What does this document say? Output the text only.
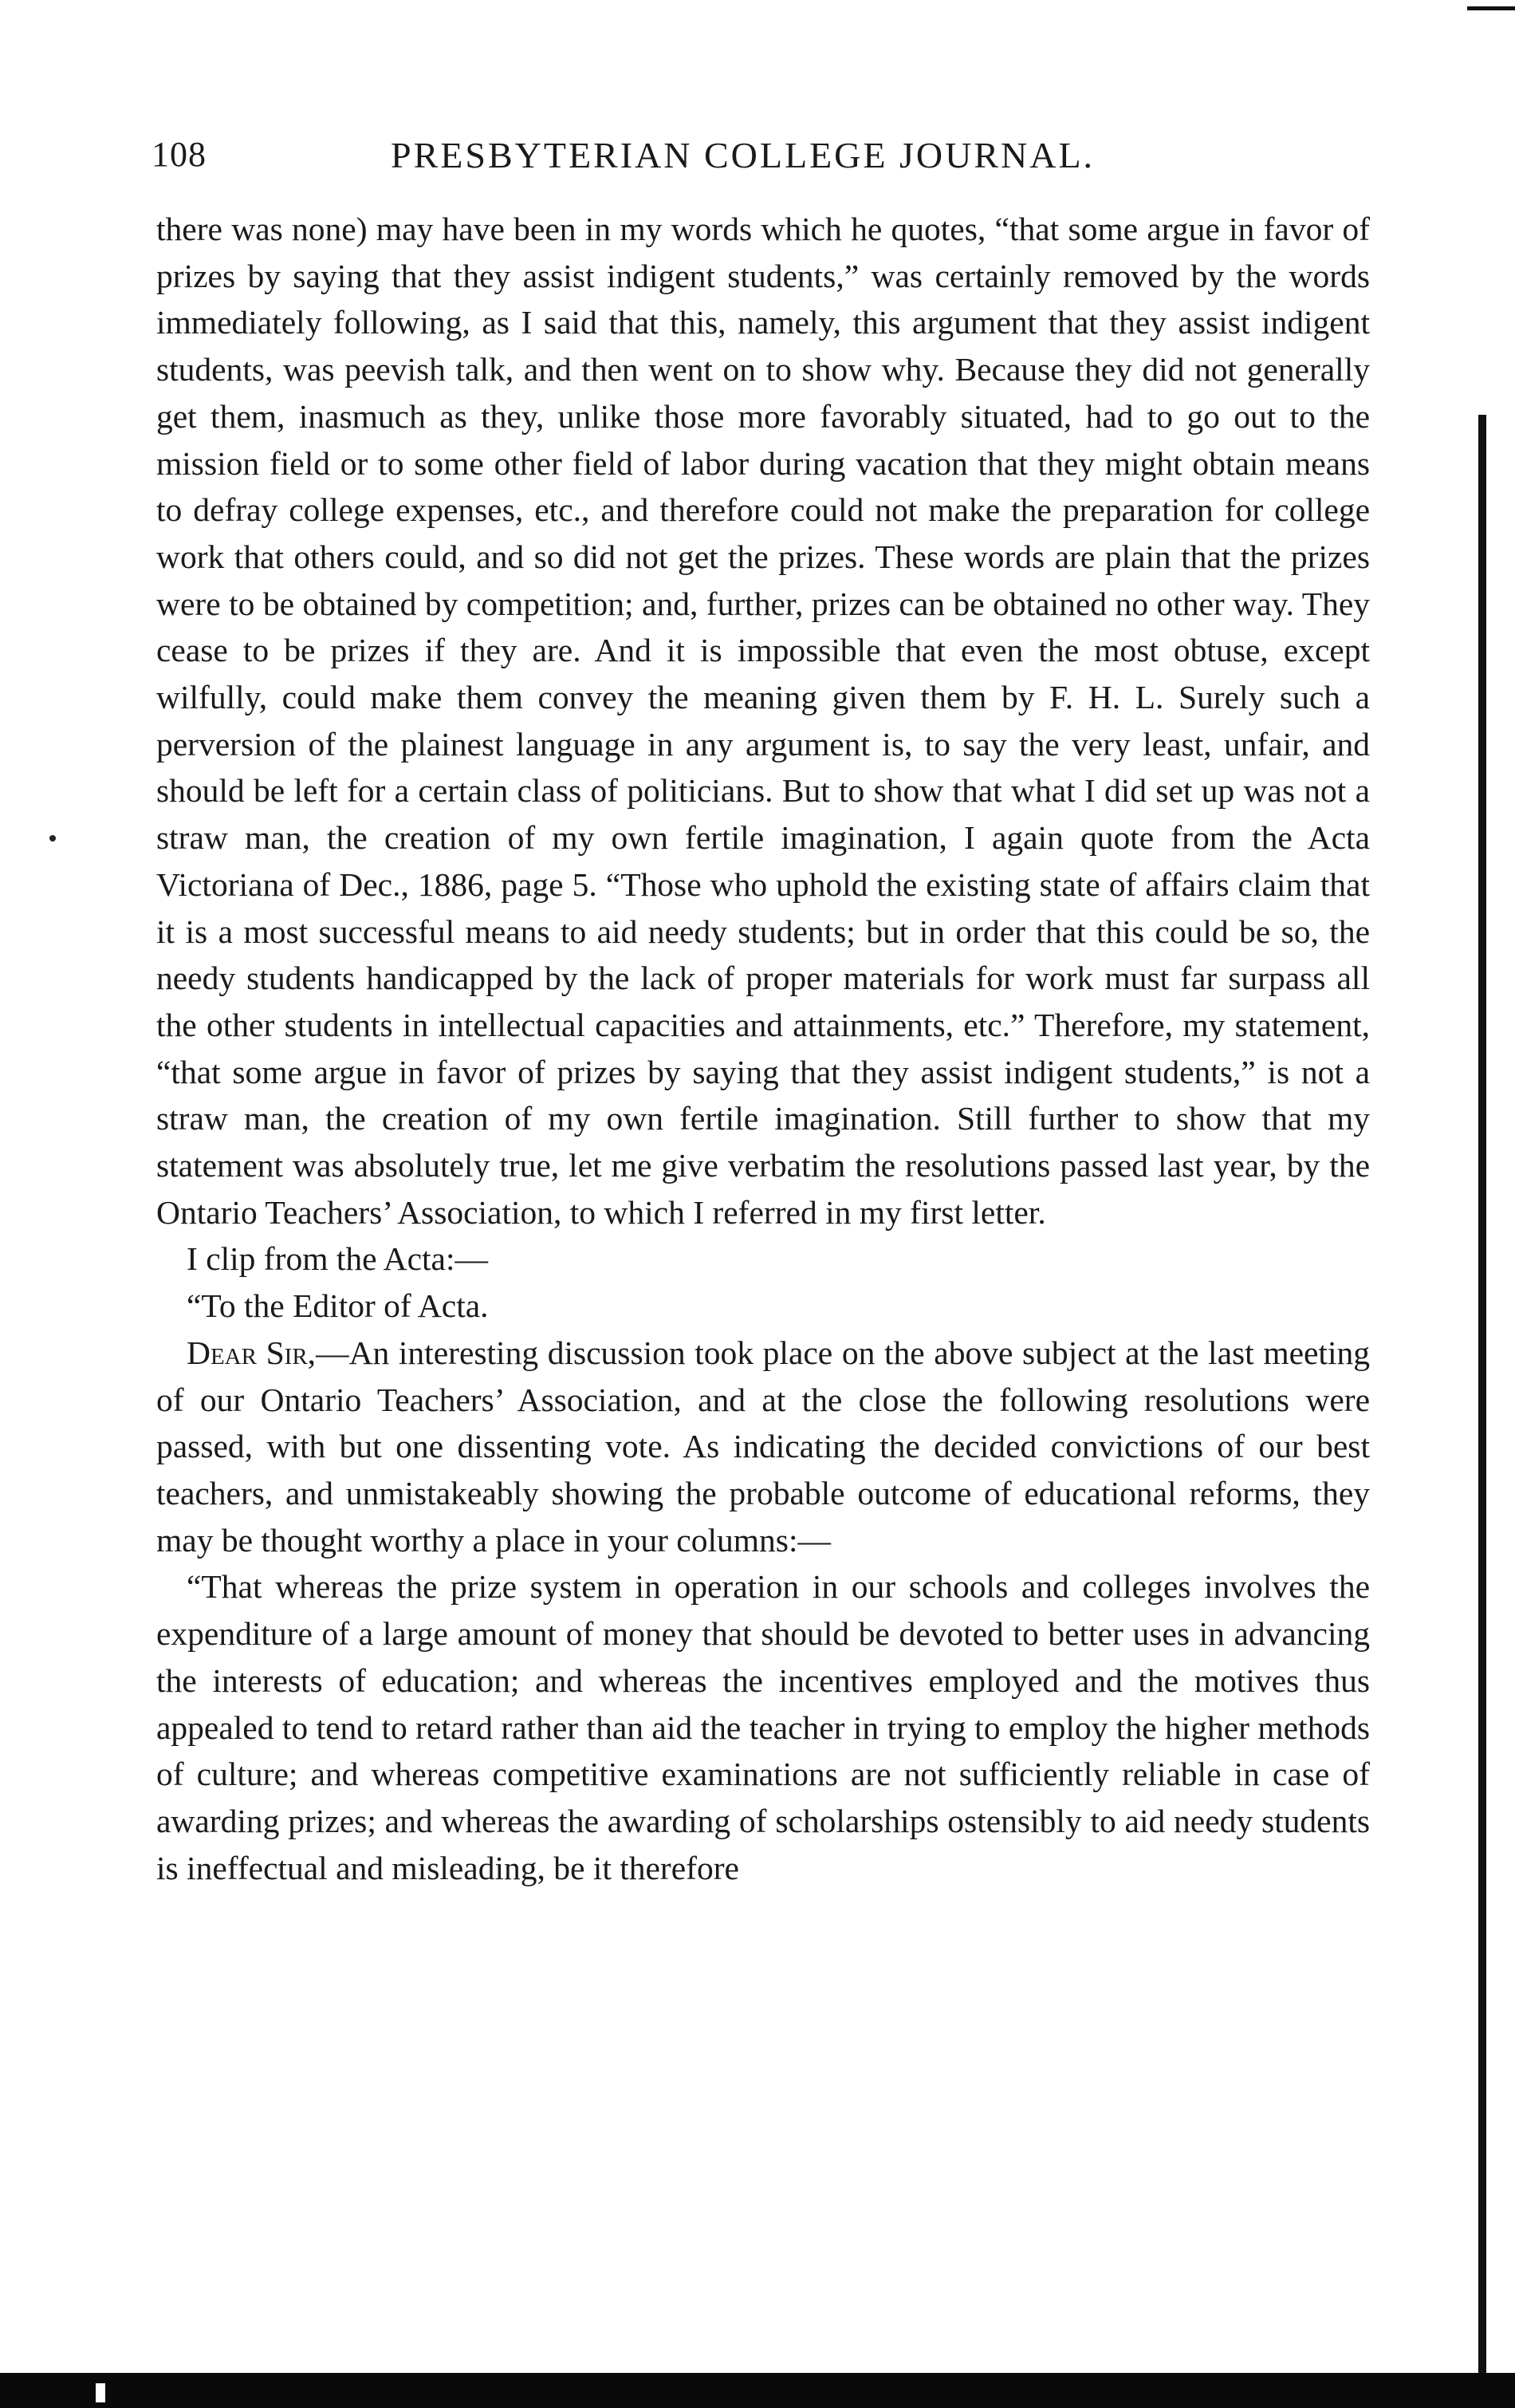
108	PRESBYTERIAN COLLEGE JOURNAL.

there was none) may have been in my words which he quotes, “that some argue in favor of prizes by saying that they assist indigent students,” was certainly removed by the words immediately following, as I said that this, namely, this argument that they assist indigent students, was peevish talk, and then went on to show why. Because they did not generally get them, inasmuch as they, unlike those more favorably situated, had to go out to the mission field or to some other field of labor during vacation that they might obtain means to defray college expenses, etc., and therefore could not make the preparation for college work that others could, and so did not get the prizes. These words are plain that the prizes were to be obtained by competition; and, further, prizes can be obtained no other way. They cease to be prizes if they are. And it is impossible that even the most obtuse, except wilfully, could make them convey the meaning given them by F. H. L. Surely such a perversion of the plainest language in any argument is, to say the very least, unfair, and should be left for a certain class of politicians. But to show that what I did set up was not a straw man, the creation of my own fertile imagination, I again quote from the Acta Victoriana of Dec., 1886, page 5. “Those who uphold the existing state of affairs claim that it is a most successful means to aid needy students; but in order that this could be so, the needy students handicapped by the lack of proper materials for work must far surpass all the other students in intellectual capacities and attainments, etc.” Therefore, my statement, “that some argue in favor of prizes by saying that they assist indigent students,” is not a straw man, the creation of my own fertile imagination. Still further to show that my statement was absolutely true, let me give verbatim the resolutions passed last year, by the Ontario Teachers’ Association, to which I referred in my first letter.

I clip from the Acta:—

“To the Editor of Acta.

Dear Sir,—An interesting discussion took place on the above subject at the last meeting of our Ontario Teachers’ Association, and at the close the following resolutions were passed, with but one dissenting vote. As indicating the decided convictions of our best teachers, and unmistakeably showing the probable outcome of educational reforms, they may be thought worthy a place in your columns:—

“That whereas the prize system in operation in our schools and colleges involves the expenditure of a large amount of money that should be devoted to better uses in advancing the interests of education; and whereas the incentives employed and the motives thus appealed to tend to retard rather than aid the teacher in trying to employ the higher methods of culture; and whereas competitive examinations are not sufficiently reliable in case of awarding prizes; and whereas the awarding of scholarships ostensibly to aid needy students is ineffectual and misleading, be it therefore
